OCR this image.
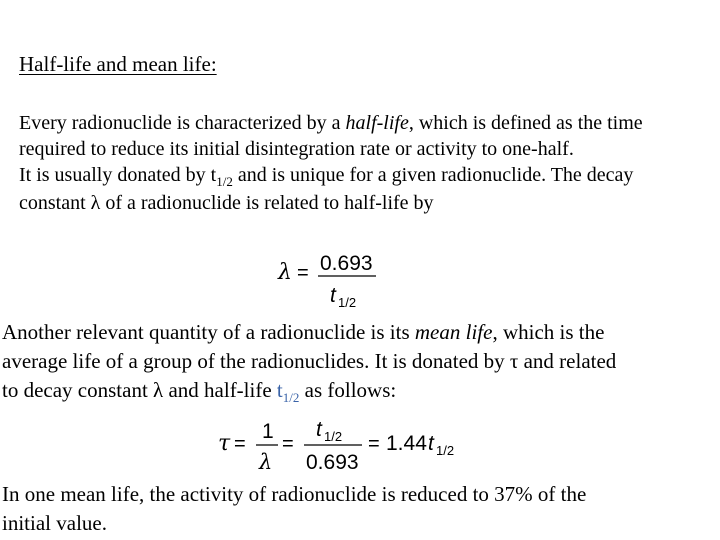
Half-life and mean life:
Every radionuclide is characterized by a half-life, which is defined as the time
required to reduce its initial disintegration rate or activity to one-half.
It is usually donated by $t_{1/2}$ and is unique for a given radionuclide. The decay
constant λ of a radionuclide is related to half-life by
λ = 0.693
t 1/2
Another relevant quantity of a radionuclide is its mean life, which is the
average life of a group of the radionuclides. It is donated by τ and related
to decay constant λ and half-life $t_{1/2}$ as follows:
τ =
1
λ
=
t 1/2
0.693
= 1.44 t 1/2
In one mean life, the activity of radionuclide is reduced to 37% of the
initial value.
